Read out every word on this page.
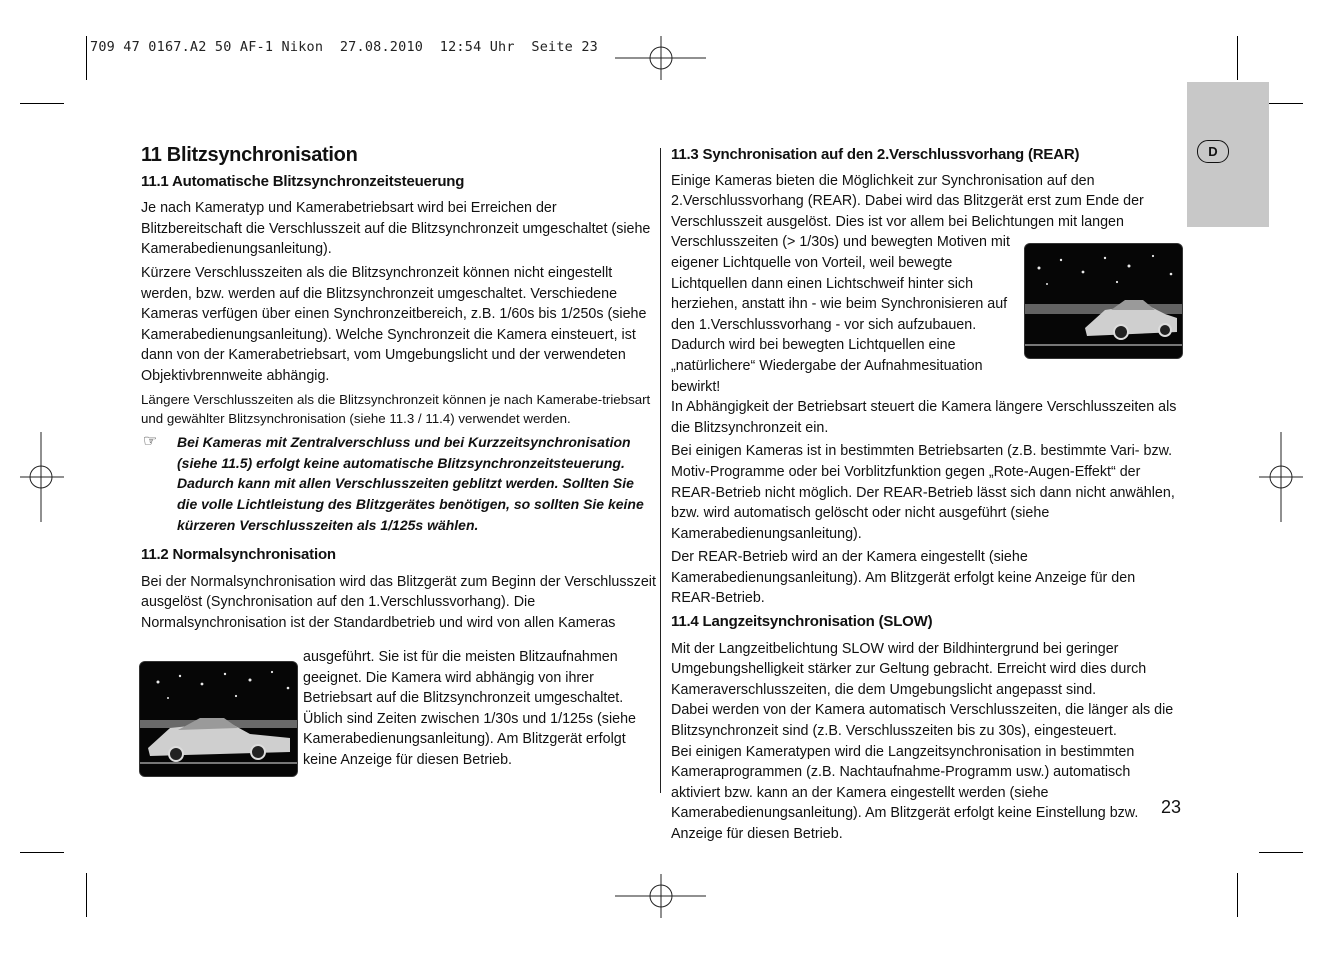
709 47 0167.A2 50 AF-1 Nikon  27.08.2010  12:54 Uhr  Seite 23
D
11 Blitzsynchronisation
11.1 Automatische Blitzsynchronzeitsteuerung

Je nach Kameratyp und Kamerabetriebsart wird bei Erreichen der Blitzbereitschaft die Verschlusszeit auf die Blitzsynchronzeit umgeschaltet (siehe Kamerabedienungsanleitung).

Kürzere Verschlusszeiten als die Blitzsynchronzeit können nicht eingestellt werden, bzw. werden auf die Blitzsynchronzeit umgeschaltet. Verschiedene Kameras verfügen über einen Synchronzeitbereich, z.B. 1/60s bis 1/250s (siehe Kamerabedienungsanleitung). Welche Synchronzeit die Kamera einsteuert, ist dann von der Kamerabetriebsart, vom Umgebungslicht und der verwendeten Objektivbrennweite abhängig.

Längere Verschlusszeiten als die Blitzsynchronzeit können je nach Kamerabe-triebsart und gewählter Blitzsynchronisation (siehe 11.3 / 11.4) verwendet werden.

☞	Bei Kameras mit Zentralverschluss und bei Kurzzeitsynchronisation (siehe 11.5) erfolgt keine automatische Blitzsynchronzeitsteuerung. Dadurch kann mit allen Verschlusszeiten geblitzt werden. Sollten Sie die volle Lichtleistung des Blitzgerätes benötigen, so sollten Sie keine kürzeren Verschlusszeiten als 1/125s wählen.
11.2 Normalsynchronisation

Bei der Normalsynchronisation wird das Blitzgerät zum Beginn der Verschlusszeit ausgelöst (Synchronisation auf den 1.Verschlussvorhang). Die Normalsynchronisation ist der Standardbetrieb und wird von allen Kameras

ausgeführt. Sie ist für die meisten Blitzaufnahmen geeignet. Die Kamera wird abhängig von ihrer Betriebsart auf die Blitzsynchronzeit umgeschaltet. Üblich sind Zeiten zwischen 1/30s und 1/125s (siehe Kamerabedienungsanleitung). Am Blitzgerät erfolgt keine Anzeige für diesen Betrieb.

11.3 Synchronisation auf den 2.Verschlussvorhang (REAR)

Einige Kameras bieten die Möglichkeit zur Synchronisation auf den 2.Verschlussvorhang (REAR). Dabei wird das Blitzgerät erst zum Ende der Verschlusszeit ausgelöst. Dies ist vor allem bei Belichtungen mit langen

Verschlusszeiten (> 1/30s) und bewegten Motiven mit eigener Lichtquelle von Vorteil, weil bewegte Lichtquellen dann einen Lichtschweif hinter sich herziehen, anstatt ihn - wie beim Synchronisieren auf den 1.Verschlussvorhang - vor sich aufzubauen. Dadurch wird bei bewegten Lichtquellen eine „natürlichere“ Wiedergabe der Aufnahmesituation bewirkt!

In Abhängigkeit der Betriebsart steuert die Kamera längere Verschlusszeiten als die Blitzsynchronzeit ein.

Bei einigen Kameras ist in bestimmten Betriebsarten (z.B. bestimmte Vari- bzw. Motiv-Programme oder bei Vorblitzfunktion gegen „Rote-Augen-Effekt“ der REAR-Betrieb nicht möglich. Der REAR-Betrieb lässt sich dann nicht anwählen, bzw. wird automatisch gelöscht oder nicht ausgeführt (siehe Kamerabedienungsanleitung).

Der REAR-Betrieb wird an der Kamera eingestellt (siehe Kamerabedienungsanleitung). Am Blitzgerät erfolgt keine Anzeige für den REAR-Betrieb.

11.4 Langzeitsynchronisation (SLOW)

Mit der Langzeitbelichtung SLOW wird der Bildhintergrund bei geringer Umgebungshelligkeit stärker zur Geltung gebracht. Erreicht wird dies durch Kameraverschlusszeiten, die dem Umgebungslicht angepasst sind.

Dabei werden von der Kamera automatisch Verschlusszeiten, die länger als die Blitzsynchronzeit sind (z.B. Verschlusszeiten bis zu 30s), eingesteuert.

Bei einigen Kameratypen wird die Langzeitsynchronisation in bestimmten Kameraprogrammen (z.B. Nachtaufnahme-Programm usw.) automatisch aktiviert bzw. kann an der Kamera eingestellt werden (siehe Kamerabedienungsanleitung). Am Blitzgerät erfolgt keine Einstellung bzw. Anzeige für diesen Betrieb.

23
